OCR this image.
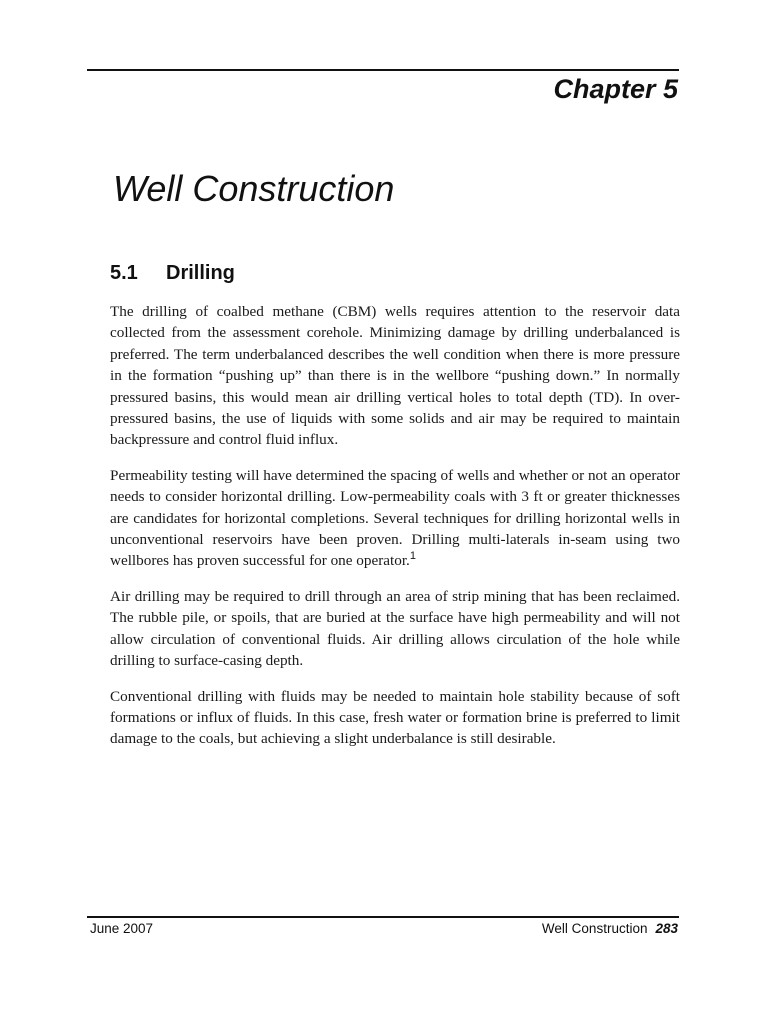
Chapter 5
Well Construction
5.1 Drilling

The drilling of coalbed methane (CBM) wells requires attention to the reservoir data collected from the assessment corehole. Minimizing damage by drilling underbalanced is preferred. The term underbalanced describes the well condition when there is more pressure in the formation “pushing up” than there is in the wellbore “pushing down.” In normally pressured basins, this would mean air drilling vertical holes to total depth (TD). In over-pressured basins, the use of liquids with some solids and air may be required to maintain backpressure and control fluid influx.

Permeability testing will have determined the spacing of wells and whether or not an operator needs to consider horizontal drilling. Low-permeability coals with 3 ft or greater thicknesses are candidates for horizontal completions. Several techniques for drilling horizontal wells in unconventional reservoirs have been proven. Drilling multi-laterals in-seam using two wellbores has proven successful for one operator.$^1$

Air drilling may be required to drill through an area of strip mining that has been reclaimed. The rubble pile, or spoils, that are buried at the surface have high permeability and will not allow circulation of conventional fluids. Air drilling allows circulation of the hole while drilling to surface-casing depth.

Conventional drilling with fluids may be needed to maintain hole stability because of soft formations or influx of fluids. In this case, fresh water or formation brine is preferred to limit damage to the coals, but achieving a slight underbalance is still desirable.

June 2007	Well Construction 283
